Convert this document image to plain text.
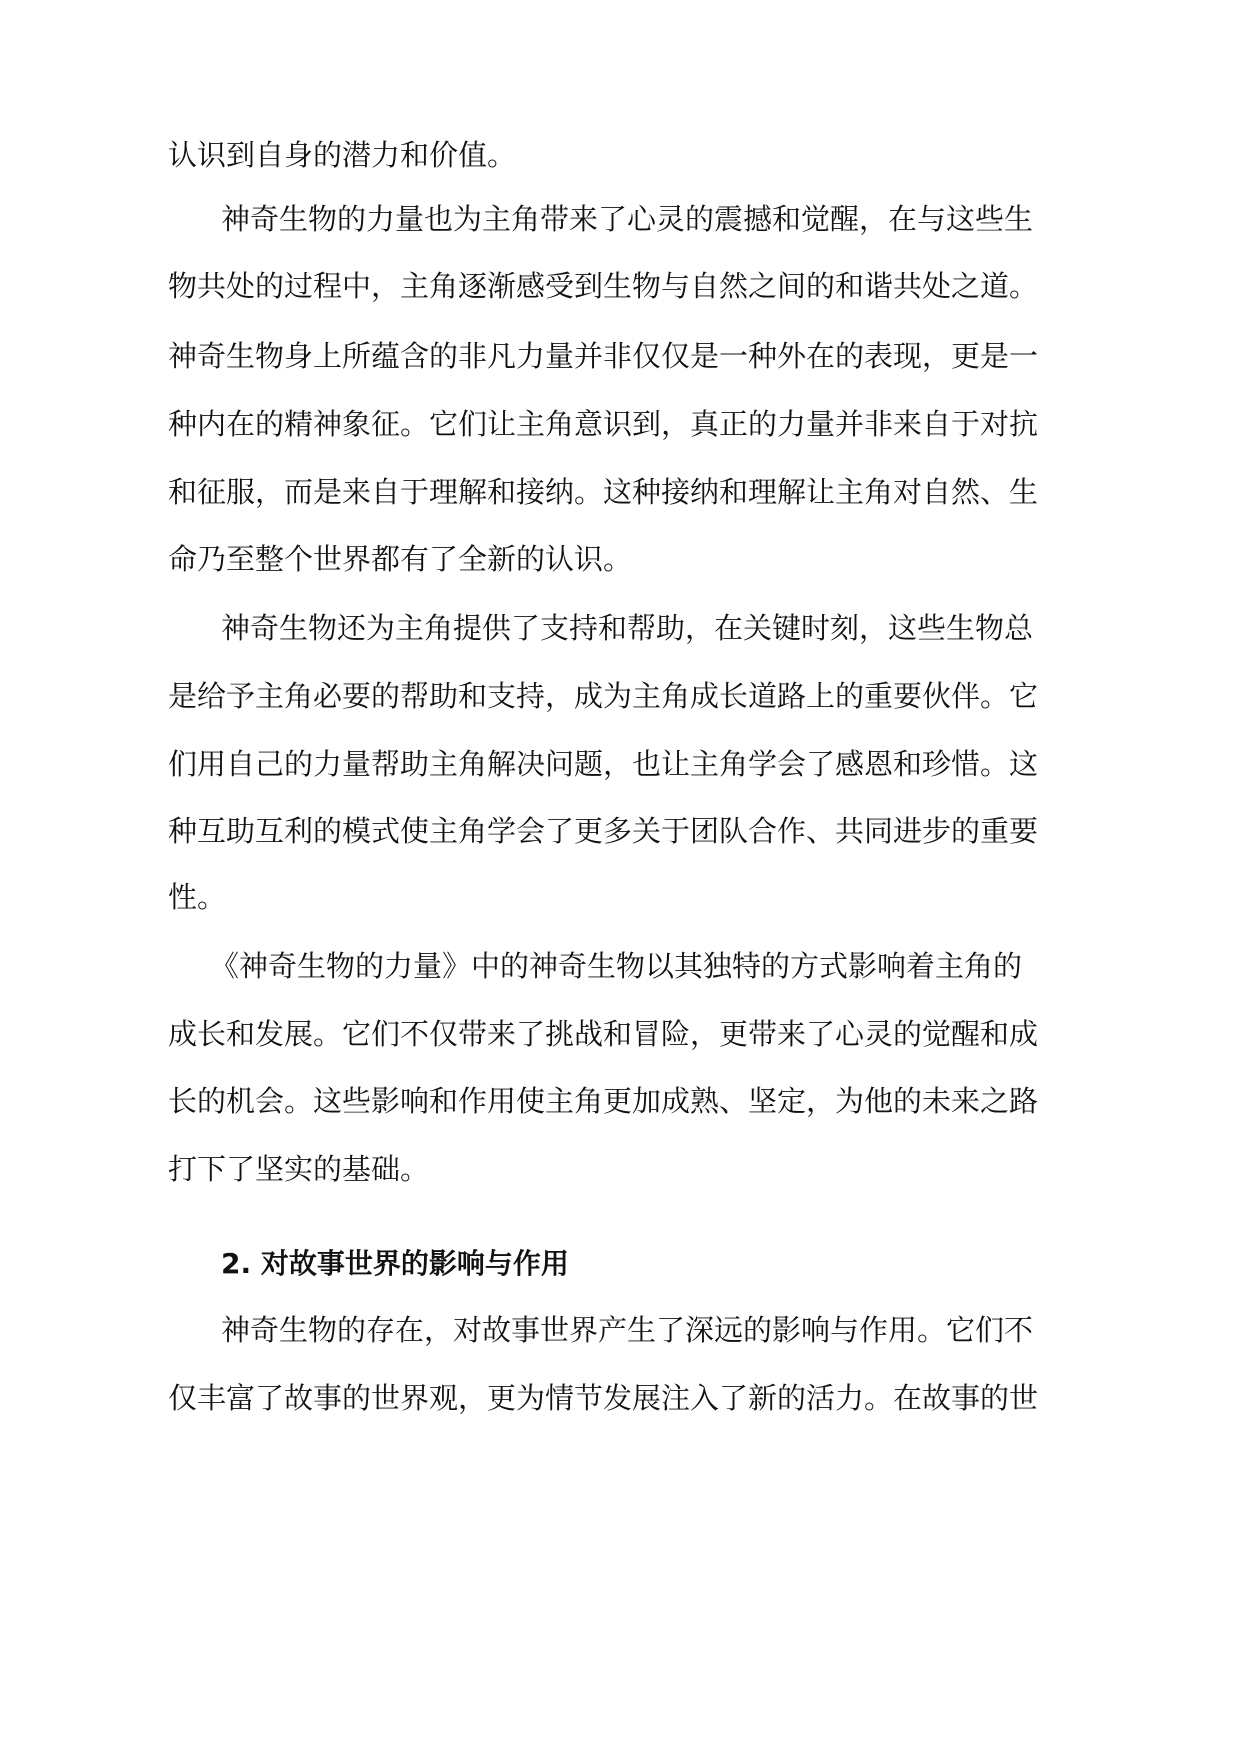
认识到自身的潜力和价值。
神奇生物的力量也为主角带来了心灵的震撼和觉醒，在与这些生
物共处的过程中，主角逐渐感受到生物与自然之间的和谐共处之道。
神奇生物身上所蕴含的非凡力量并非仅仅是一种外在的表现，更是一
种内在的精神象征。它们让主角意识到，真正的力量并非来自于对抗
和征服，而是来自于理解和接纳。这种接纳和理解让主角对自然、生
命乃至整个世界都有了全新的认识。
神奇生物还为主角提供了支持和帮助，在关键时刻，这些生物总
是给予主角必要的帮助和支持，成为主角成长道路上的重要伙伴。它
们用自己的力量帮助主角解决问题，也让主角学会了感恩和珍惜。这
种互助互利的模式使主角学会了更多关于团队合作、共同进步的重要
性。
《神奇生物的力量》中的神奇生物以其独特的方式影响着主角的
成长和发展。它们不仅带来了挑战和冒险，更带来了心灵的觉醒和成
长的机会。这些影响和作用使主角更加成熟、坚定，为他的未来之路
打下了坚实的基础。
2. 对故事世界的影响与作用
神奇生物的存在，对故事世界产生了深远的影响与作用。它们不
仅丰富了故事的世界观，更为情节发展注入了新的活力。在故事的世
